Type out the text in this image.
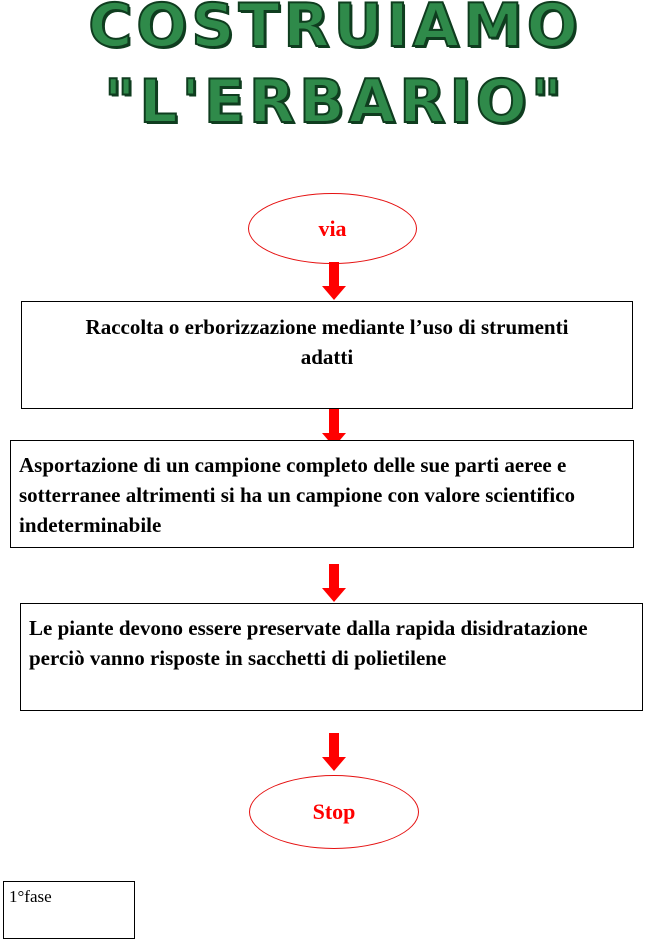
COSTRUIAMO
"L'ERBARIO"
via
Raccolta o erborizzazione mediante l’uso di strumenti adatti
Asportazione di un campione completo delle sue parti aeree e sotterranee altrimenti si ha un campione con valore scientifico indeterminabile
Le piante devono essere preservate dalla rapida disidratazione perciò vanno risposte in sacchetti di polietilene
Stop
1°fase
